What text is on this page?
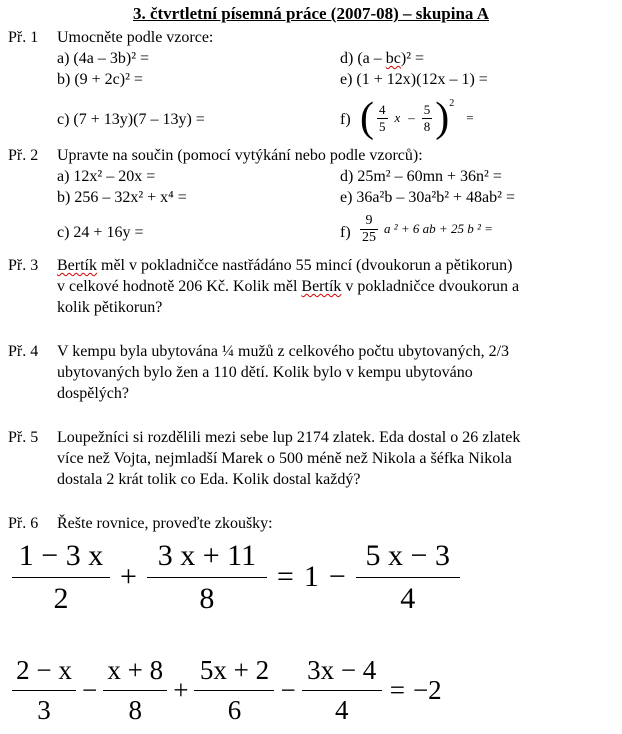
3. čtvrtletní písemná práce (2007-08) – skupina A
Př. 1 Umocněte podle vzorce:
a) (4a – 3b)² =
b) (9 + 2c)² =
c) (7 + 13y)(7 – 13y) =
d) (a – bc)² =
e) (1 + 12x)(12x – 1) =
f) ( $\frac{4}{5}$ x – $\frac{5}{8}$ ) 2
=
Př. 2 Upravte na součin (pomocí vytýkání nebo podle vzorců):
a) 12x² – 20x =
b) 256 – 32x² + x⁴ =
c) 24 + 16y =
d) 25m² – 60mn + 36n² =
e) 36a²b – 30a²b² + 48ab² =
$f) \frac{9}{25}$ a ² + 6 ab + 25 b ² =
Př. 3 Bertík měl v pokladničce nastřádáno 55 mincí (dvoukorun a pětikorun)
v celkové hodnotě 206 Kč. Kolik měl Bertík v pokladničce dvoukorun a
kolik pětikorun?
Př. 4 V kempu byla ubytována ¼ mužů z celkového počtu ubytovaných, 2/3
ubytovaných bylo žen a 110 dětí. Kolik bylo v kempu ubytováno
dospělých?
Př. 5 Loupežníci si rozdělili mezi sebe lup 2174 zlatek. Eda dostal o 26 zlatek
více než Vojta, nejmladší Marek o 500 méně než Nikola a šéfka Nikola
dostala 2 krát tolik co Eda. Kolik dostal každý?
Př. 6 Řešte rovnice, proveďte zkoušky:
1 − 3 x
2
+
3 x + 11
8
= 1 −
5 x − 3
4
2 − x
3
−
x + 8
8
+
5x + 2
6
−
3x − 4
4
= −2
